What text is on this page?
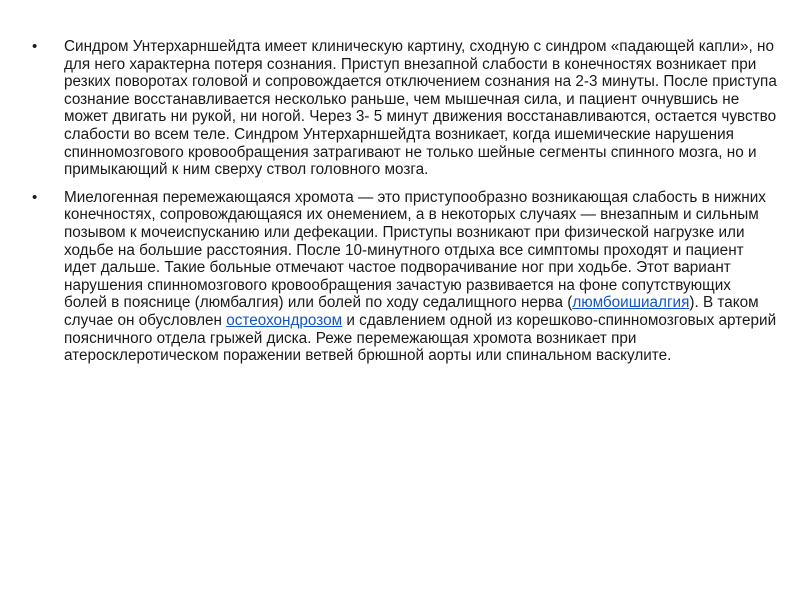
• Синдром Унтерхарншейдта имеет клиническую картину, сходную с синдром «падающей капли», но для него характерна потеря сознания. Приступ внезапной слабости в конечностях возникает при резких поворотах головой и сопровождается отключением сознания на 2-3 минуты. После приступа сознание восстанавливается несколько раньше, чем мышечная сила, и пациент очнувшись не может двигать ни рукой, ни ногой. Через 3- 5 минут движения восстанавливаются, остается чувство слабости во всем теле. Синдром Унтерхарншейдта возникает, когда ишемические нарушения спинномозгового кровообращения затрагивают не только шейные сегменты спинного мозга, но и примыкающий к ним сверху ствол головного мозга.
• Миелогенная перемежающаяся хромота — это приступообразно возникающая слабость в нижних конечностях, сопровождающаяся их онемением, а в некоторых случаях — внезапным и сильным позывом к мочеиспусканию или дефекации. Приступы возникают при физической нагрузке или ходьбе на большие расстояния. После 10-минутного отдыха все симптомы проходят и пациент идет дальше. Такие больные отмечают частое подворачивание ног при ходьбе. Этот вариант нарушения спинномозгового кровообращения зачастую развивается на фоне сопутствующих болей в пояснице (люмбалгия) или болей по ходу седалищного нерва (люмбоишиалгия). В таком случае он обусловлен остеохондрозом и сдавлением одной из корешково-спинномозговых артерий поясничного отдела грыжей диска. Реже перемежающая хромота возникает при атеросклеротическом поражении ветвей брюшной аорты или спинальном васкулите.
